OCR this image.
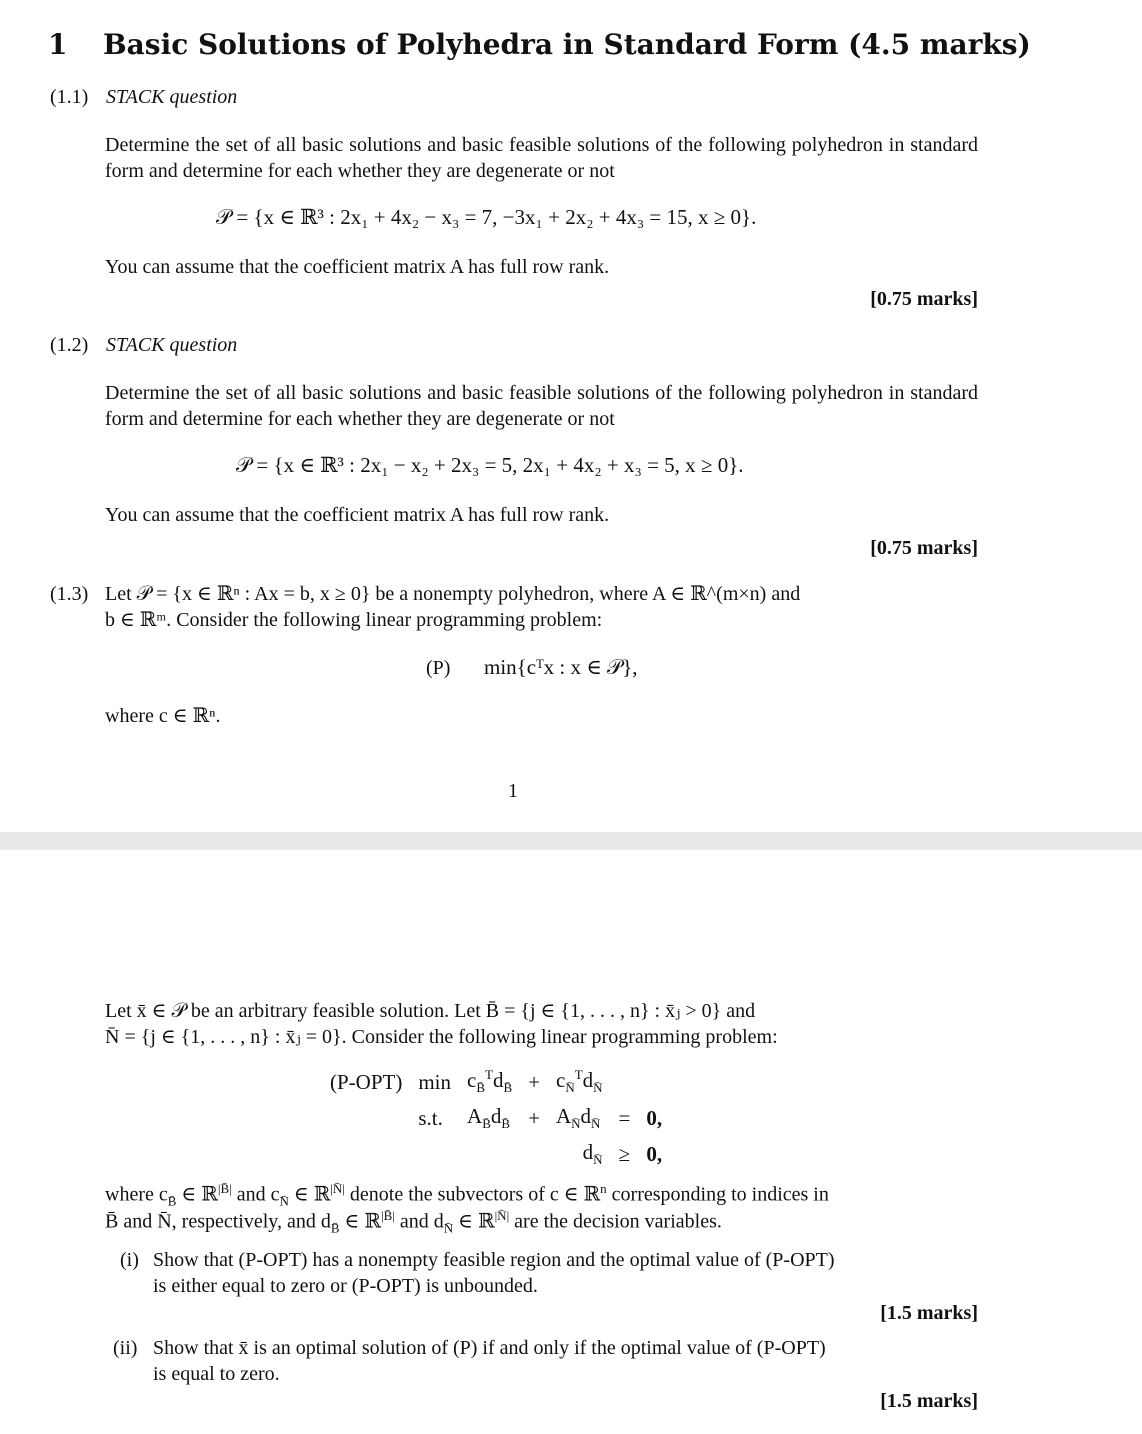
1 Basic Solutions of Polyhedra in Standard Form (4.5 marks)
(1.1) STACK question
Determine the set of all basic solutions and basic feasible solutions of the following polyhedron in standard form and determine for each whether they are degenerate or not
𝒫 = {x ∈ ℝ³ : 2x₁ + 4x₂ − x₃ = 7, −3x₁ + 2x₂ + 4x₃ = 15, x ≥ 0}.
You can assume that the coefficient matrix A has full row rank.
[0.75 marks]
(1.2) STACK question
Determine the set of all basic solutions and basic feasible solutions of the following polyhedron in standard form and determine for each whether they are degenerate or not
𝒫 = {x ∈ ℝ³ : 2x₁ − x₂ + 2x₃ = 5, 2x₁ + 4x₂ + x₃ = 5, x ≥ 0}.
You can assume that the coefficient matrix A has full row rank.
[0.75 marks]
(1.3) Let 𝒫 = {x ∈ ℝⁿ : Ax = b, x ≥ 0} be a nonempty polyhedron, where A ∈ ℝ^(m×n) and
b ∈ ℝᵐ. Consider the following linear programming problem:
(P) min{cᵀx : x ∈ 𝒫},
where c ∈ ℝⁿ.
1
Let x̄ ∈ 𝒫 be an arbitrary feasible solution. Let B̄ = {j ∈ {1, . . . , n} : x̄ⱼ > 0} and
N̄ = {j ∈ {1, . . . , n} : x̄ⱼ = 0}. Consider the following linear programming problem:
(P-OPT)	min	$c_{B̄}^Td_{B̄}$	+	$c_{N̄}^Td_{N̄}$		
	s.t.	$A_{B̄}d_{B̄}$	+	$A_{N̄}d_{N̄}$	=	0,
				$d_{N̄}$	≥	0,
where $c_{B̄}$ ∈ ℝ$^{|B̄|}$ and $c_{N̄}$ ∈ ℝ$^{|N̄|}$ denote the subvectors of c ∈ ℝ$^n$ corresponding to indices in
B̄ and N̄, respectively, and $d_{B̄}$ ∈ ℝ$^{|B̄|}$ and $d_{N̄}$ ∈ ℝ$^{|N̄|}$ are the decision variables.
(i) Show that (P-OPT) has a nonempty feasible region and the optimal value of (P-OPT)
is either equal to zero or (P-OPT) is unbounded.
[1.5 marks]
(ii) Show that x̄ is an optimal solution of (P) if and only if the optimal value of (P-OPT)
is equal to zero.
[1.5 marks]
